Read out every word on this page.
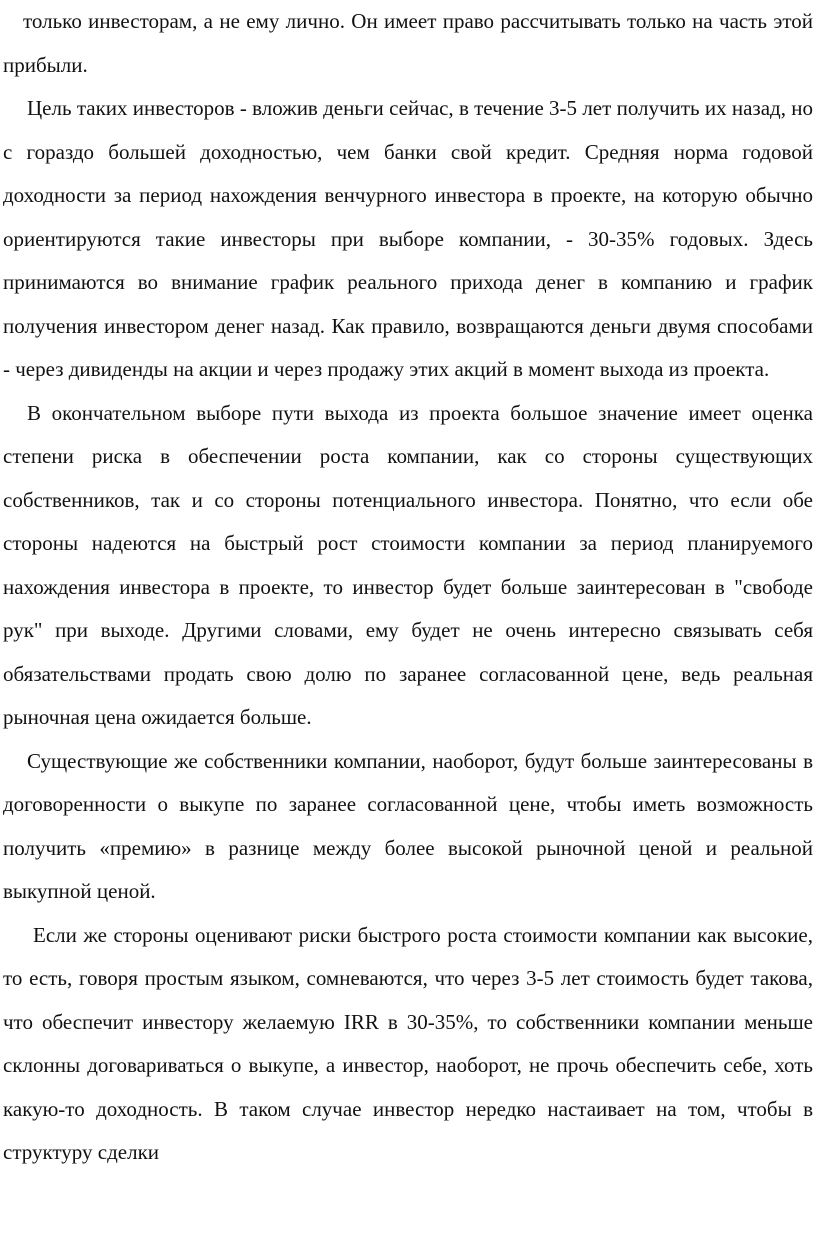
только инвесторам, а не ему лично. Он имеет право рассчитывать только на часть этой прибыли.

Цель таких инвесторов - вложив деньги сейчас, в течение 3-5 лет получить их назад, но с гораздо большей доходностью, чем банки свой кредит. Средняя норма годовой доходности за период нахождения венчурного инвестора в проекте, на которую обычно ориентируются такие инвесторы при выборе компании, - 30-35% годовых. Здесь принимаются во внимание график реального прихода денег в компанию и график получения инвестором денег назад. Как правило, возвращаются деньги двумя способами - через дивиденды на акции и через продажу этих акций в момент выхода из проекта.

В окончательном выборе пути выхода из проекта большое значение имеет оценка степени риска в обеспечении роста компании, как со стороны существующих собственников, так и со стороны потенциального инвестора. Понятно, что если обе стороны надеются на быстрый рост стоимости компании за период планируемого нахождения инвестора в проекте, то инвестор будет больше заинтересован в "свободе рук" при выходе. Другими словами, ему будет не очень интересно связывать себя обязательствами продать свою долю по заранее согласованной цене, ведь реальная рыночная цена ожидается больше.

Существующие же собственники компании, наоборот, будут больше заинтересованы в договоренности о выкупе по заранее согласованной цене, чтобы иметь возможность получить «премию» в разнице между более высокой рыночной ценой и реальной выкупной ценой.

Если же стороны оценивают риски быстрого роста стоимости компании как высокие, то есть, говоря простым языком, сомневаются, что через 3-5 лет стоимость будет такова, что обеспечит инвестору желаемую IRR в 30-35%, то собственники компании меньше склонны договариваться о выкупе, а инвестор, наоборот, не прочь обеспечить себе, хоть какую-то доходность. В таком случае инвестор нередко настаивает на том, чтобы в структуру сделки
